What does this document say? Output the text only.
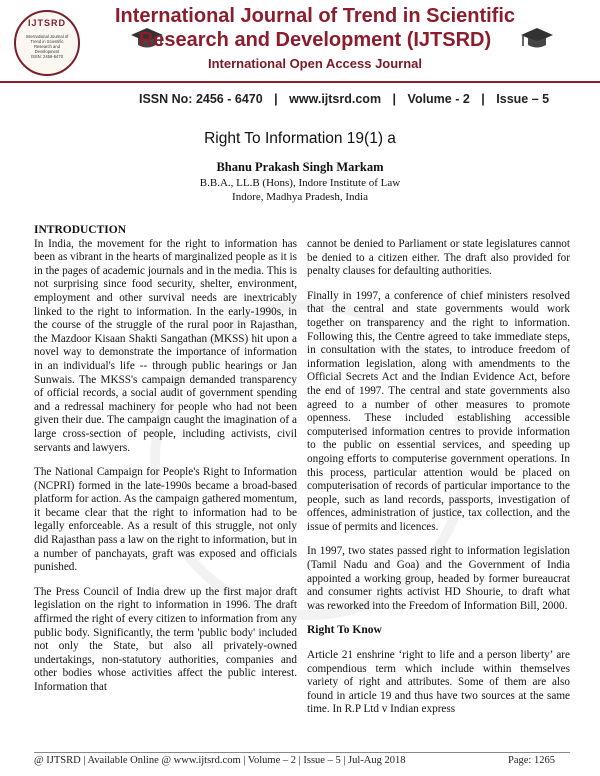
IJTSRD
International Journal of Trend in Scientific Research and Development
ISSN: 2456-6470
International Journal of Trend in Scientific
Research and Development (IJTSRD)
International Open Access Journal
ISSN No: 2456 - 6470 | www.ijtsrd.com | Volume - 2 | Issue – 5
Right To Information 19(1) a
Bhanu Prakash Singh Markam
B.B.A., LL.B (Hons), Indore Institute of Law
Indore, Madhya Pradesh, India
INTRODUCTION

In India, the movement for the right to information has been as vibrant in the hearts of marginalized people as it is in the pages of academic journals and in the media. This is not surprising since food security, shelter, environment, employment and other survival needs are inextricably linked to the right to information. In the early-1990s, in the course of the struggle of the rural poor in Rajasthan, the Mazdoor Kisaan Shakti Sangathan (MKSS) hit upon a novel way to demonstrate the importance of information in an individual's life -- through public hearings or Jan Sunwais. The MKSS's campaign demanded transparency of official records, a social audit of government spending and a redressal machinery for people who had not been given their due. The campaign caught the imagination of a large cross-section of people, including activists, civil servants and lawyers.

The National Campaign for People's Right to Information (NCPRI) formed in the late-1990s became a broad-based platform for action. As the campaign gathered momentum, it became clear that the right to information had to be legally enforceable. As a result of this struggle, not only did Rajasthan pass a law on the right to information, but in a number of panchayats, graft was exposed and officials punished.

The Press Council of India drew up the first major draft legislation on the right to information in 1996. The draft affirmed the right of every citizen to information from any public body. Significantly, the term 'public body' included not only the State, but also all privately-owned undertakings, non-statutory authorities, companies and other bodies whose activities affect the public interest. Information that

cannot be denied to Parliament or state legislatures cannot be denied to a citizen either. The draft also provided for penalty clauses for defaulting authorities.

Finally in 1997, a conference of chief ministers resolved that the central and state governments would work together on transparency and the right to information. Following this, the Centre agreed to take immediate steps, in consultation with the states, to introduce freedom of information legislation, along with amendments to the Official Secrets Act and the Indian Evidence Act, before the end of 1997. The central and state governments also agreed to a number of other measures to promote openness. These included establishing accessible computerised information centres to provide information to the public on essential services, and speeding up ongoing efforts to computerise government operations. In this process, particular attention would be placed on computerisation of records of particular importance to the people, such as land records, passports, investigation of offences, administration of justice, tax collection, and the issue of permits and licences.

In 1997, two states passed right to information legislation (Tamil Nadu and Goa) and the Government of India appointed a working group, headed by former bureaucrat and consumer rights activist HD Shourie, to draft what was reworked into the Freedom of Information Bill, 2000.

Right To Know

Article 21 enshrine ‘right to life and a person liberty’ are compendious term which include within themselves variety of right and attributes. Some of them are also found in article 19 and thus have two sources at the same time. In R.P Ltd v Indian express

@ IJTSRD | Available Online @ www.ijtsrd.com | Volume – 2 | Issue – 5 | Jul-Aug 2018	Page: 1265
